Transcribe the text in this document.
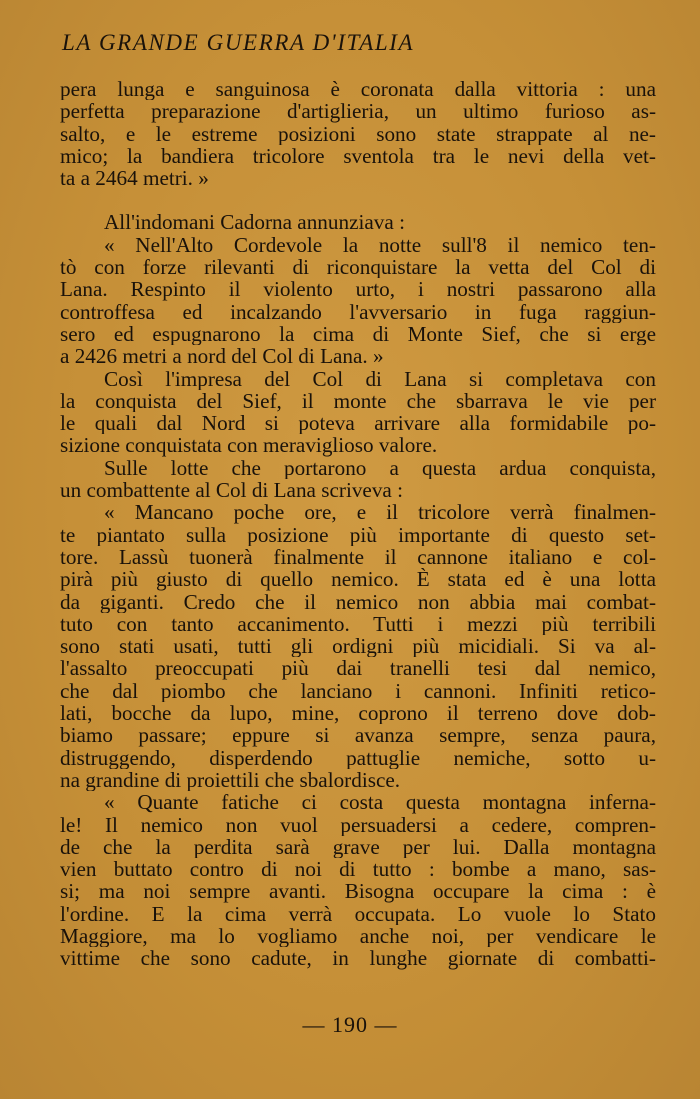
LA GRANDE GUERRA D'ITALIA

pera lunga e sanguinosa è coronata dalla vittoria : una
perfetta preparazione d'artiglieria, un ultimo furioso as-
salto, e le estreme posizioni sono state strappate al ne-
mico; la bandiera tricolore sventola tra le nevi della vet-
ta a 2464 metri. »

All'indomani Cadorna annunziava :

« Nell'Alto Cordevole la notte sull'8 il nemico ten-
tò con forze rilevanti di riconquistare la vetta del Col di
Lana. Respinto il violento urto, i nostri passarono alla
controffesa ed incalzando l'avversario in fuga raggiun-
sero ed espugnarono la cima di Monte Sief, che si erge
a 2426 metri a nord del Col di Lana. »

Così l'impresa del Col di Lana si completava con
la conquista del Sief, il monte che sbarrava le vie per
le quali dal Nord si poteva arrivare alla formidabile po-
sizione conquistata con meraviglioso valore.

Sulle lotte che portarono a questa ardua conquista,
un combattente al Col di Lana scriveva :

« Mancano poche ore, e il tricolore verrà finalmen-
te piantato sulla posizione più importante di questo set-
tore. Lassù tuonerà finalmente il cannone italiano e col-
pirà più giusto di quello nemico. È stata ed è una lotta
da giganti. Credo che il nemico non abbia mai combat-
tuto con tanto accanimento. Tutti i mezzi più terribili
sono stati usati, tutti gli ordigni più micidiali. Si va al-
l'assalto preoccupati più dai tranelli tesi dal nemico,
che dal piombo che lanciano i cannoni. Infiniti retico-
lati, bocche da lupo, mine, coprono il terreno dove dob-
biamo passare; eppure si avanza sempre, senza paura,
distruggendo, disperdendo pattuglie nemiche, sotto u-
na grandine di proiettili che sbalordisce.

« Quante fatiche ci costa questa montagna inferna-
le! Il nemico non vuol persuadersi a cedere, compren-
de che la perdita sarà grave per lui. Dalla montagna
vien buttato contro di noi di tutto : bombe a mano, sas-
si; ma noi sempre avanti. Bisogna occupare la cima : è
l'ordine. E la cima verrà occupata. Lo vuole lo Stato
Maggiore, ma lo vogliamo anche noi, per vendicare le
vittime che sono cadute, in lunghe giornate di combatti-

— 190 —
